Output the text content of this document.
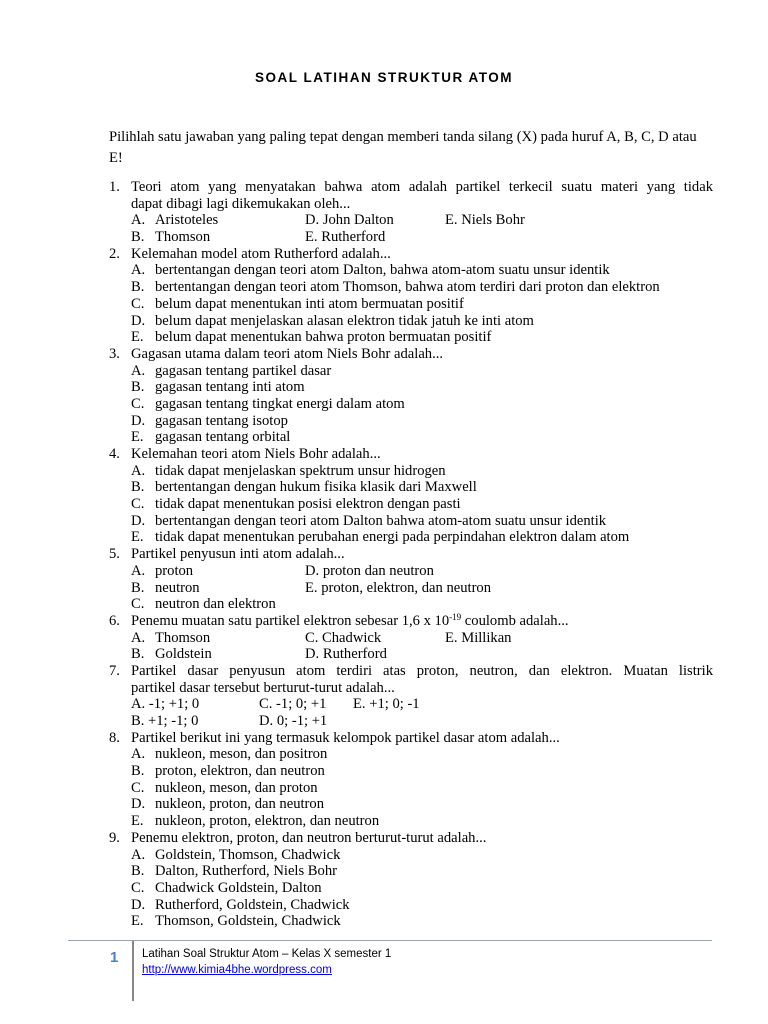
SOAL LATIHAN STRUKTUR ATOM
Pilihlah satu jawaban yang paling tepat dengan memberi tanda silang (X) pada huruf A, B, C, D atau E!
1. Teori atom yang menyatakan bahwa atom adalah partikel terkecil suatu materi yang tidak
dapat dibagi lagi dikemukakan oleh...
A. Aristoteles	D. John Dalton	E. Niels Bohr
B. Thomson	E. Rutherford
2. Kelemahan model atom Rutherford adalah...
A. bertentangan dengan teori atom Dalton, bahwa atom-atom suatu unsur identik
B. bertentangan dengan teori atom Thomson, bahwa atom terdiri dari proton dan elektron
C. belum dapat menentukan inti atom bermuatan positif
D. belum dapat menjelaskan alasan elektron tidak jatuh ke inti atom
E. belum dapat menentukan bahwa proton bermuatan positif
3. Gagasan utama dalam teori atom Niels Bohr adalah...
A. gagasan tentang partikel dasar
B. gagasan tentang inti atom
C. gagasan tentang tingkat energi dalam atom
D. gagasan tentang isotop
E. gagasan tentang orbital
4. Kelemahan teori atom Niels Bohr adalah...
A. tidak dapat menjelaskan spektrum unsur hidrogen
B. bertentangan dengan hukum fisika klasik dari Maxwell
C. tidak dapat menentukan posisi elektron dengan pasti
D. bertentangan dengan teori atom Dalton bahwa atom-atom suatu unsur identik
E. tidak dapat menentukan perubahan energi pada perpindahan elektron dalam atom
5. Partikel penyusun inti atom adalah...
A. proton	D. proton dan neutron
B. neutron	E. proton, elektron, dan neutron
C. neutron dan elektron
6. Penemu muatan satu partikel elektron sebesar 1,6 x $10^{-19}$ coulomb adalah...
A. Thomson	C. Chadwick	E. Millikan
B. Goldstein	D. Rutherford
7. Partikel dasar penyusun atom terdiri atas proton, neutron, dan elektron. Muatan listrik
partikel dasar tersebut berturut-turut adalah...
A. -1; +1; 0	C. -1; 0; +1 E. +1; 0; -1
B. +1; -1; 0	D. 0; -1; +1
8. Partikel berikut ini yang termasuk kelompok partikel dasar atom adalah...
A. nukleon, meson, dan positron
B. proton, elektron, dan neutron
C. nukleon, meson, dan proton
D. nukleon, proton, dan neutron
E. nukleon, proton, elektron, dan neutron
9. Penemu elektron, proton, dan neutron berturut-turut adalah...
A. Goldstein, Thomson, Chadwick
B. Dalton, Rutherford, Niels Bohr
C. Chadwick Goldstein, Dalton
D. Rutherford, Goldstein, Chadwick
E. Thomson, Goldstein, Chadwick
1 Latihan Soal Struktur Atom – Kelas X semester 1
http://www.kimia4bhe.wordpress.com
